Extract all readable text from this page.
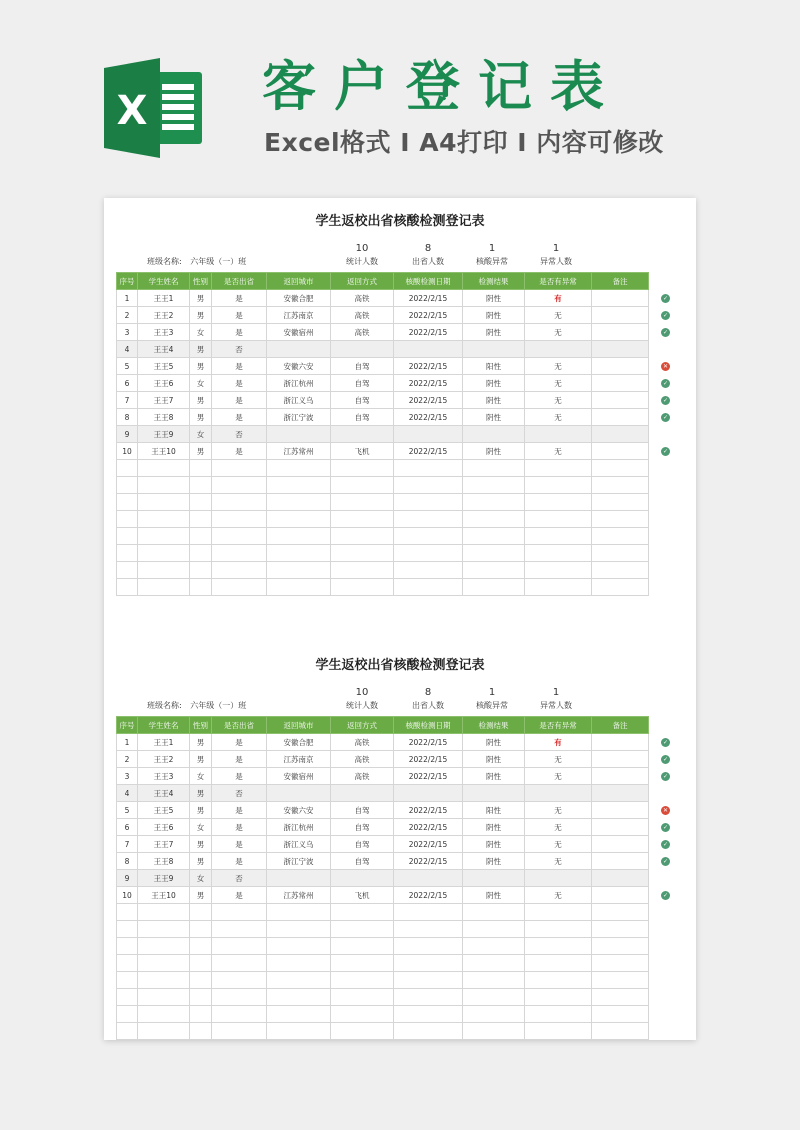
X 客户登记表
Excel格式 I A4打印 I 内容可修改
学生返校出省核酸检测登记表
班级名称: 六年级（一）班
10
统计人数
8
出省人数
1
核酸异常
1
异常人数
序号	学生姓名	性别	是否出省	返回城市	返回方式	核酸检测日期	检测结果	是否有异常	备注
1	王王1	男	是	安徽合肥	高铁	2022/2/15	阴性	有	
2	王王2	男	是	江苏南京	高铁	2022/2/15	阴性	无	
3	王王3	女	是	安徽宿州	高铁	2022/2/15	阴性	无	
4	王王4	男	否						
5	王王5	男	是	安徽六安	自驾	2022/2/15	阳性	无	
6	王王6	女	是	浙江杭州	自驾	2022/2/15	阴性	无	
7	王王7	男	是	浙江义乌	自驾	2022/2/15	阴性	无	
8	王王8	男	是	浙江宁波	自驾	2022/2/15	阴性	无	
9	王王9	女	否						
10	王王10	男	是	江苏常州	飞机	2022/2/15	阴性	无	

✓
✓
✓
✕
✓
✓
✓
✓
学生返校出省核酸检测登记表
班级名称: 六年级（一）班
10
统计人数
8
出省人数
1
核酸异常
1
异常人数
序号	学生姓名	性别	是否出省	返回城市	返回方式	核酸检测日期	检测结果	是否有异常	备注
1	王王1	男	是	安徽合肥	高铁	2022/2/15	阴性	有	
2	王王2	男	是	江苏南京	高铁	2022/2/15	阴性	无	
3	王王3	女	是	安徽宿州	高铁	2022/2/15	阴性	无	
4	王王4	男	否						
5	王王5	男	是	安徽六安	自驾	2022/2/15	阳性	无	
6	王王6	女	是	浙江杭州	自驾	2022/2/15	阴性	无	
7	王王7	男	是	浙江义乌	自驾	2022/2/15	阴性	无	
8	王王8	男	是	浙江宁波	自驾	2022/2/15	阴性	无	
9	王王9	女	否						
10	王王10	男	是	江苏常州	飞机	2022/2/15	阴性	无	

✓
✓
✓
✕
✓
✓
✓
✓
